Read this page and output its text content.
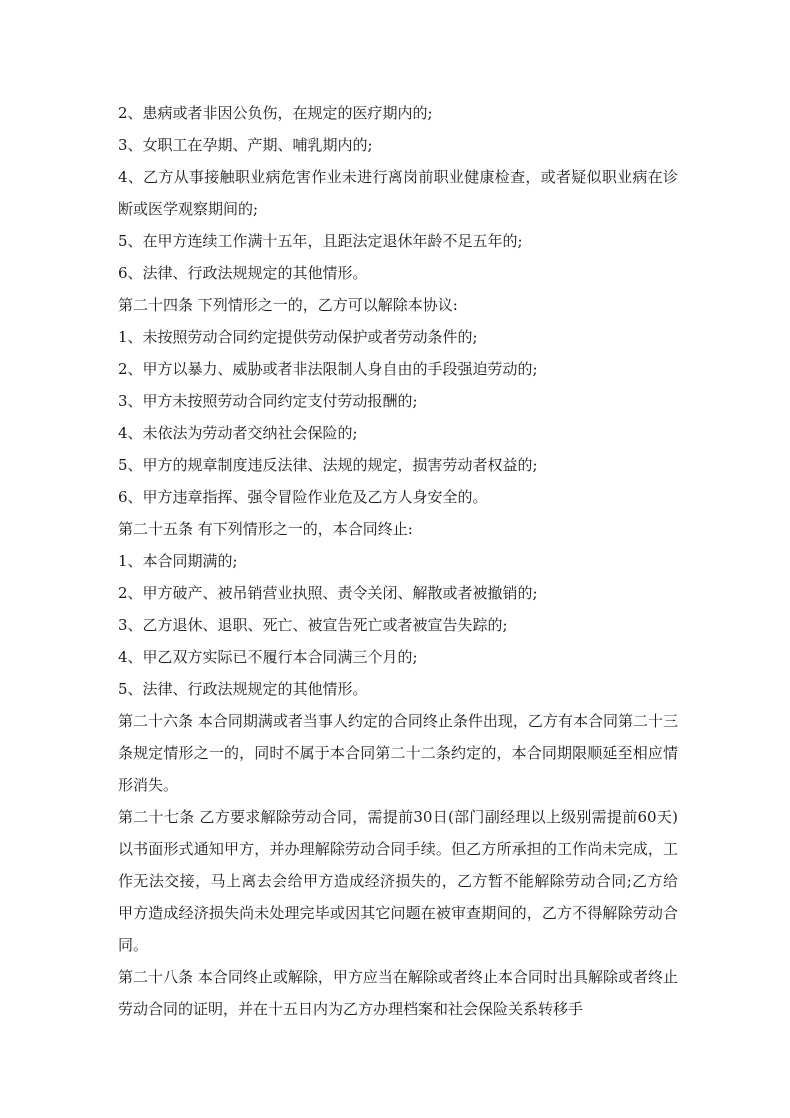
2、患病或者非因公负伤，在规定的医疗期内的;

3、女职工在孕期、产期、哺乳期内的;

4、乙方从事接触职业病危害作业未进行离岗前职业健康检查，或者疑似职业病在诊断或医学观察期间的;

5、在甲方连续工作满十五年，且距法定退休年龄不足五年的;

6、法律、行政法规规定的其他情形。

第二十四条 下列情形之一的，乙方可以解除本协议:

1、未按照劳动合同约定提供劳动保护或者劳动条件的;

2、甲方以暴力、威胁或者非法限制人身自由的手段强迫劳动的;

3、甲方未按照劳动合同约定支付劳动报酬的;

4、未依法为劳动者交纳社会保险的;

5、甲方的规章制度违反法律、法规的规定，损害劳动者权益的;

6、甲方违章指挥、强令冒险作业危及乙方人身安全的。

第二十五条 有下列情形之一的，本合同终止:

1、本合同期满的;

2、甲方破产、被吊销营业执照、责令关闭、解散或者被撤销的;

3、乙方退休、退职、死亡、被宣告死亡或者被宣告失踪的;

4、甲乙双方实际已不履行本合同满三个月的;

5、法律、行政法规规定的其他情形。

第二十六条 本合同期满或者当事人约定的合同终止条件出现，乙方有本合同第二十三条规定情形之一的，同时不属于本合同第二十二条约定的，本合同期限顺延至相应情形消失。

第二十七条 乙方要求解除劳动合同，需提前30日(部门副经理以上级别需提前60天)以书面形式通知甲方，并办理解除劳动合同手续。但乙方所承担的工作尚未完成，工作无法交接，马上离去会给甲方造成经济损失的，乙方暂不能解除劳动合同;乙方给甲方造成经济损失尚未处理完毕或因其它问题在被审查期间的，乙方不得解除劳动合同。

第二十八条 本合同终止或解除，甲方应当在解除或者终止本合同时出具解除或者终止劳动合同的证明，并在十五日内为乙方办理档案和社会保险关系转移手
